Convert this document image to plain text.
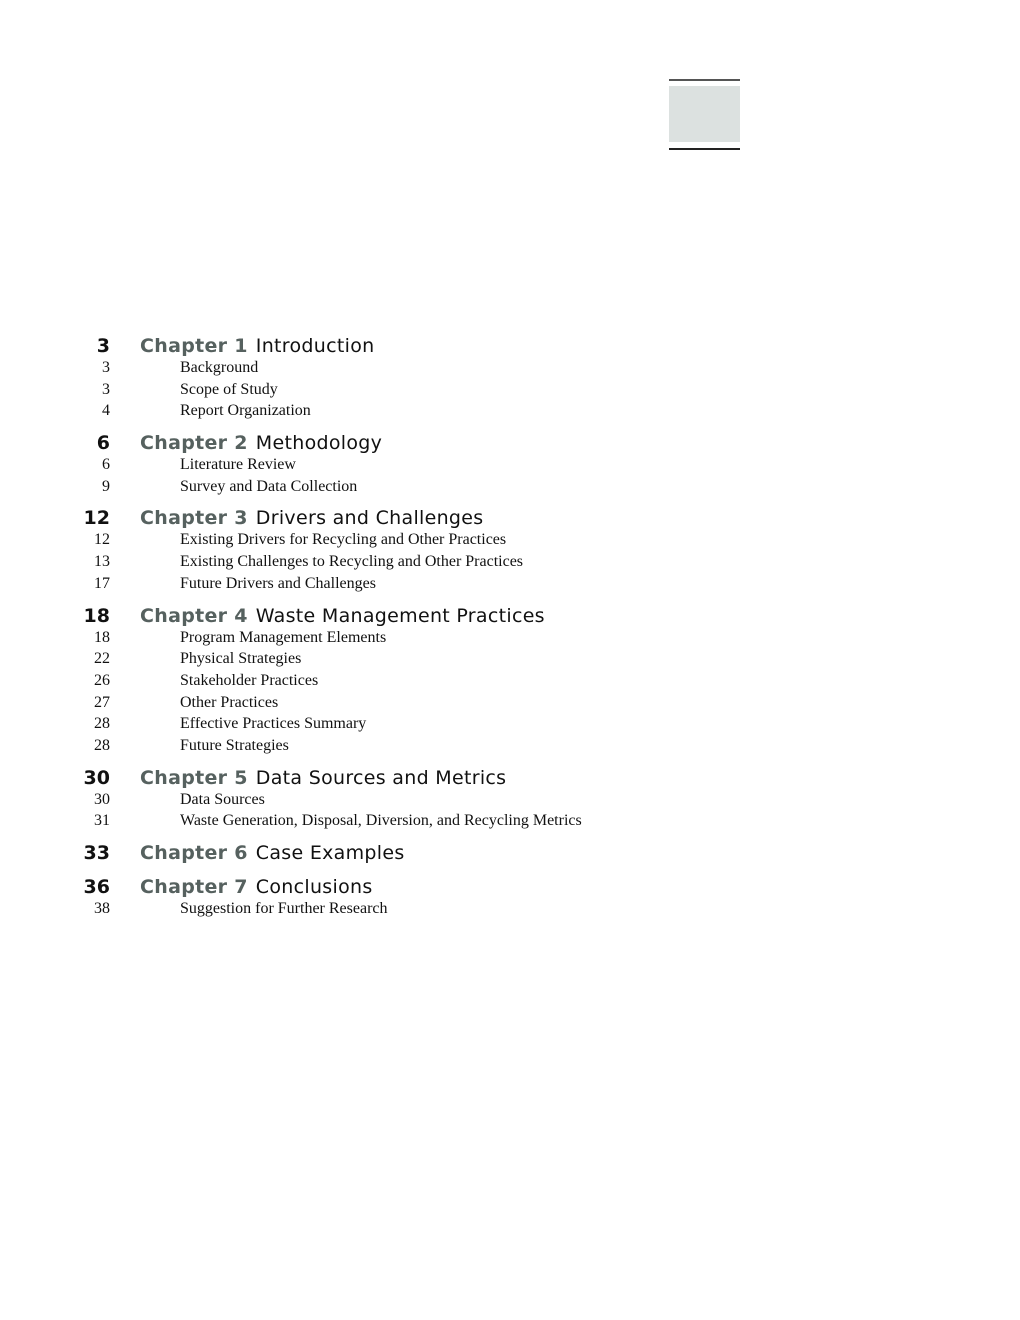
3 Chapter 1 Introduction
3	Background
3	Scope of Study
4	Report Organization
6 Chapter 2 Methodology
6	Literature Review
9	Survey and Data Collection
12 Chapter 3 Drivers and Challenges
12	Existing Drivers for Recycling and Other Practices
13	Existing Challenges to Recycling and Other Practices
17	Future Drivers and Challenges
18 Chapter 4 Waste Management Practices
18	Program Management Elements
22	Physical Strategies
26	Stakeholder Practices
27	Other Practices
28	Effective Practices Summary
28	Future Strategies
30 Chapter 5 Data Sources and Metrics
30	Data Sources
31	Waste Generation, Disposal, Diversion, and Recycling Metrics
33 Chapter 6 Case Examples
36 Chapter 7 Conclusions
38	Suggestion for Further Research
